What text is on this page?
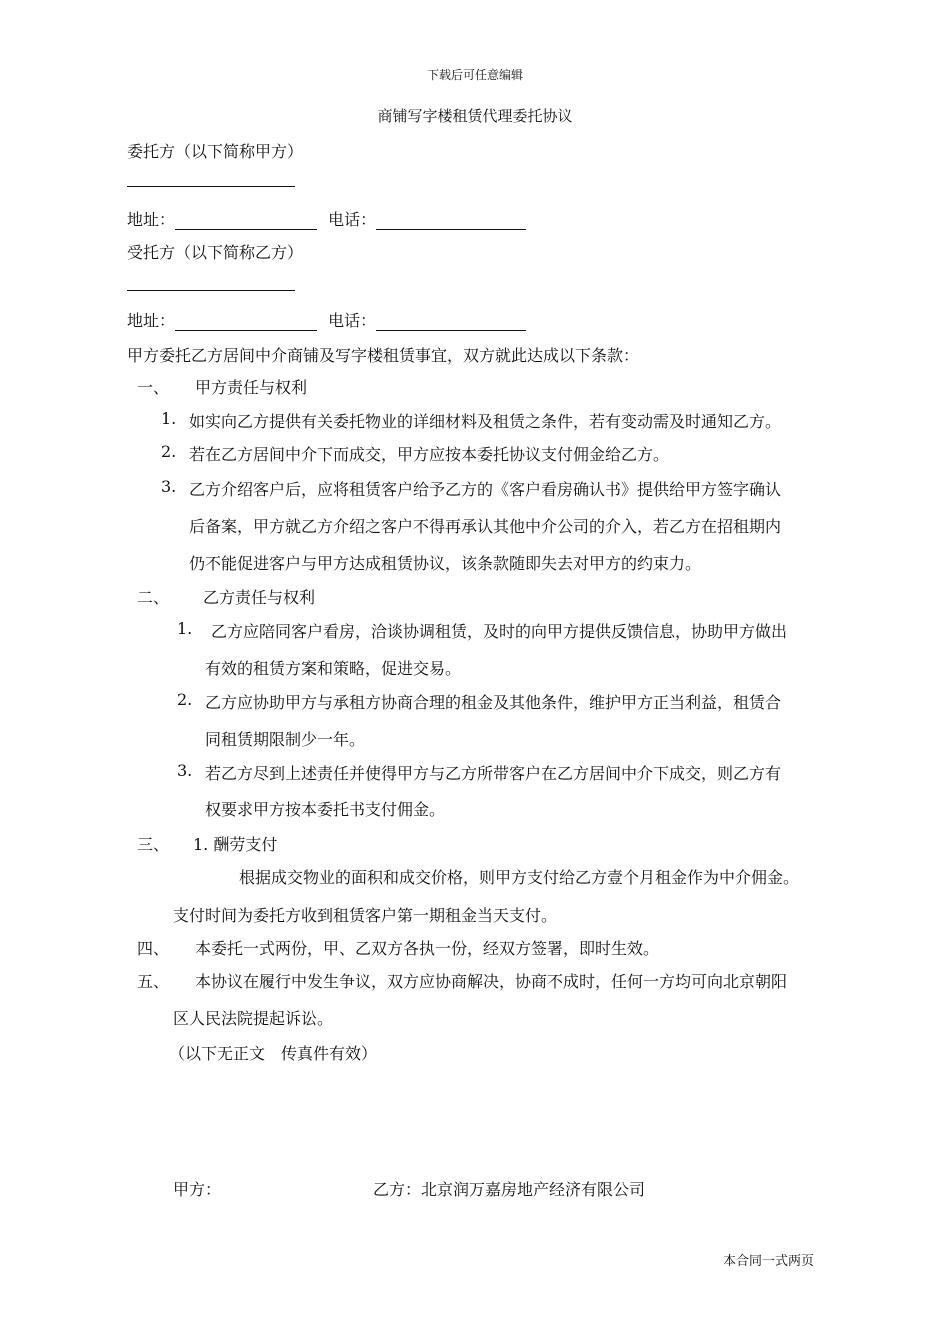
下载后可任意编辑
商铺写字楼租赁代理委托协议
委托方（以下简称甲方）
地址：	电话：
受托方（以下简称乙方）
地址：	电话：
甲方委托乙方居间中介商铺及写字楼租赁事宜，双方就此达成以下条款：
一、 甲方责任与权利
1. 如实向乙方提供有关委托物业的详细材料及租赁之条件，若有变动需及时通知乙方。
2. 若在乙方居间中介下而成交，甲方应按本委托协议支付佣金给乙方。
3. 乙方介绍客户后，应将租赁客户给予乙方的《客户看房确认书》提供给甲方签字确认
后备案，甲方就乙方介绍之客户不得再承认其他中介公司的介入，若乙方在招租期内
仍不能促进客户与甲方达成租赁协议，该条款随即失去对甲方的约束力。
二、 乙方责任与权利
1. 乙方应陪同客户看房，洽谈协调租赁，及时的向甲方提供反馈信息，协助甲方做出
有效的租赁方案和策略，促进交易。
2. 乙方应协助甲方与承租方协商合理的租金及其他条件，维护甲方正当利益，租赁合
同租赁期限制少一年。
3. 若乙方尽到上述责任并使得甲方与乙方所带客户在乙方居间中介下成交，则乙方有
权要求甲方按本委托书支付佣金。
三、 1. 酬劳支付
根据成交物业的面积和成交价格，则甲方支付给乙方壹个月租金作为中介佣金。
支付时间为委托方收到租赁客户第一期租金当天支付。
四、 本委托一式两份，甲、乙双方各执一份，经双方签署，即时生效。
五、 本协议在履行中发生争议，双方应协商解决，协商不成时，任何一方均可向北京朝阳
区人民法院提起诉讼。
（以下无正文　传真件有效）
甲方：	乙方：北京润万嘉房地产经济有限公司
本合同一式两页
